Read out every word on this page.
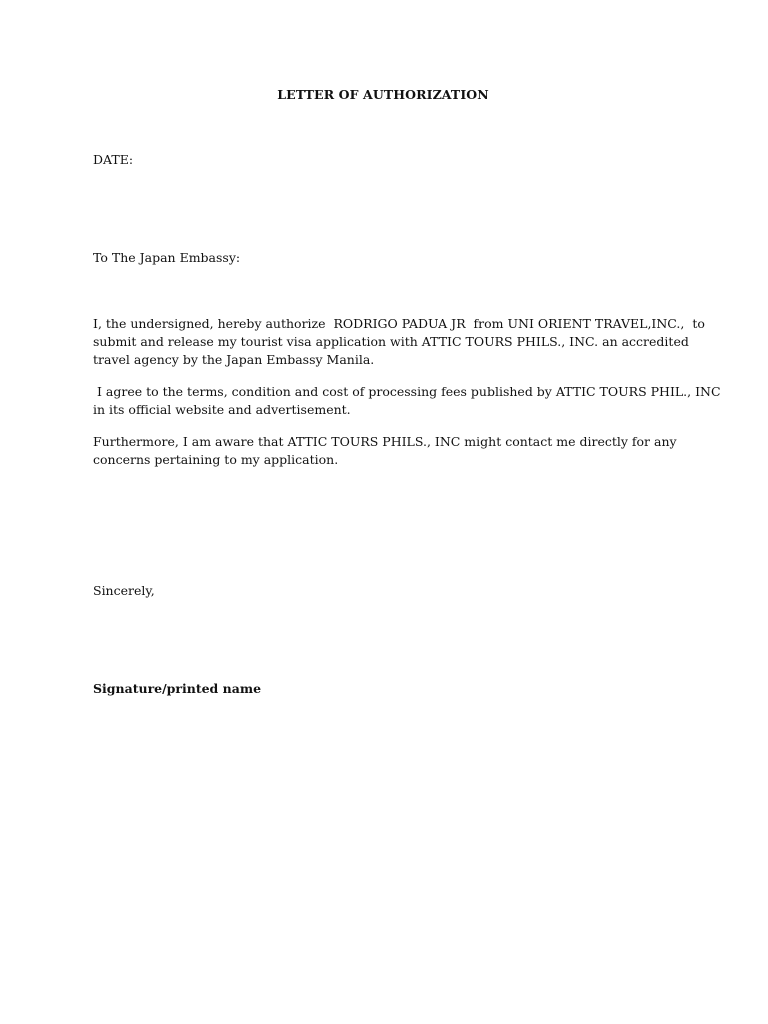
LETTER OF AUTHORIZATION
DATE:
To The Japan Embassy:
I, the undersigned, hereby authorize  RODRIGO PADUA JR  from UNI ORIENT TRAVEL,INC.,  to
submit and release my tourist visa application with ATTIC TOURS PHILS., INC. an accredited
travel agency by the Japan Embassy Manila.
I agree to the terms, condition and cost of processing fees published by ATTIC TOURS PHIL., INC
in its official website and advertisement.
Furthermore, I am aware that ATTIC TOURS PHILS., INC might contact me directly for any
concerns pertaining to my application.
Sincerely,
Signature/printed name
